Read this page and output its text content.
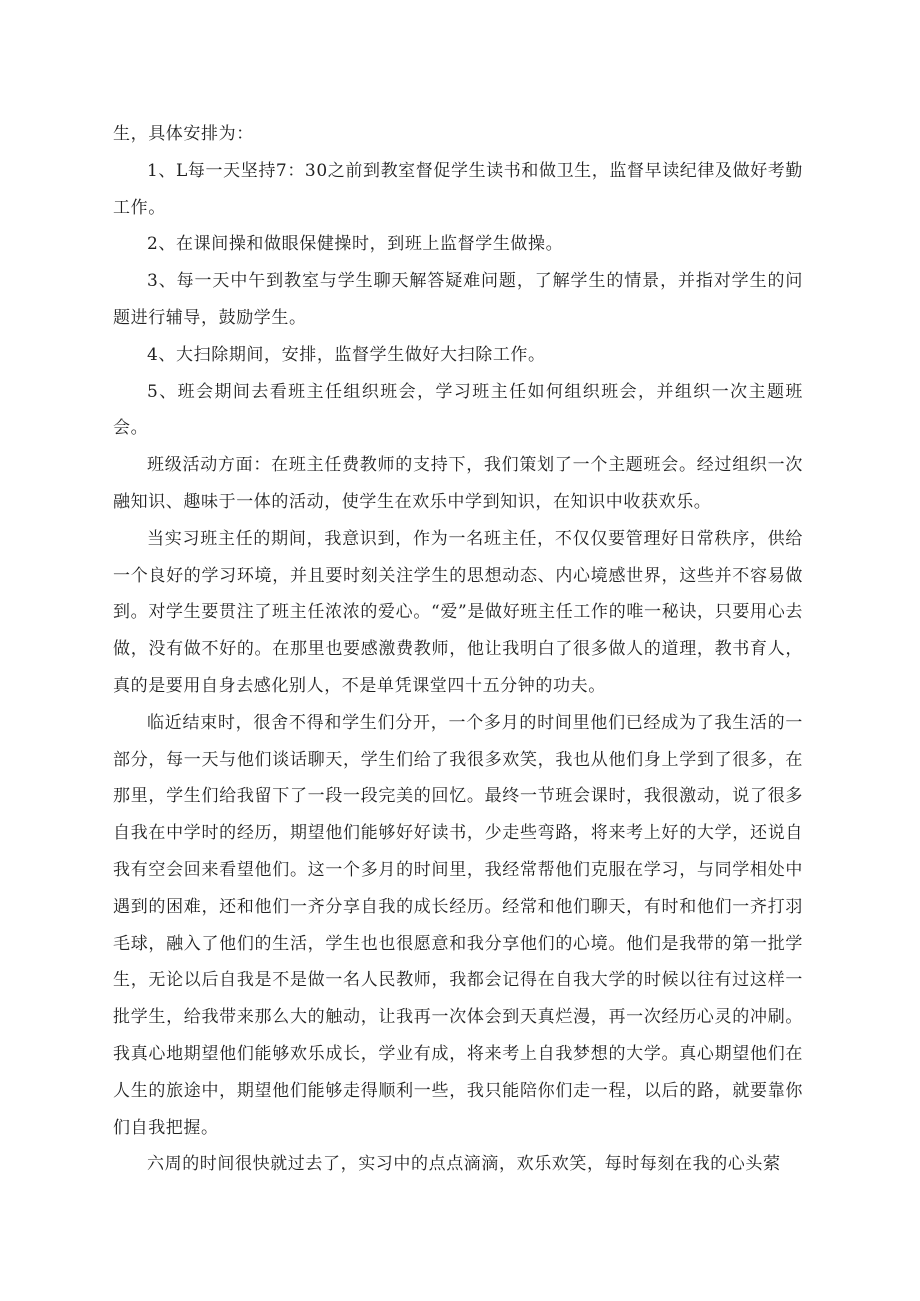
生，具体安排为：

1、L每一天坚持7：30之前到教室督促学生读书和做卫生，监督早读纪律及做好考勤工作。

2、在课间操和做眼保健操时，到班上监督学生做操。

3、每一天中午到教室与学生聊天解答疑难问题，了解学生的情景，并指对学生的问题进行辅导，鼓励学生。

4、大扫除期间，安排，监督学生做好大扫除工作。

5、班会期间去看班主任组织班会，学习班主任如何组织班会，并组织一次主题班会。

班级活动方面：在班主任费教师的支持下，我们策划了一个主题班会。经过组织一次融知识、趣味于一体的活动，使学生在欢乐中学到知识，在知识中收获欢乐。

当实习班主任的期间，我意识到，作为一名班主任，不仅仅要管理好日常秩序，供给一个良好的学习环境，并且要时刻关注学生的思想动态、内心境感世界，这些并不容易做到。对学生要贯注了班主任浓浓的爱心。“爱”是做好班主任工作的唯一秘诀，只要用心去做，没有做不好的。在那里也要感激费教师，他让我明白了很多做人的道理，教书育人，真的是要用自身去感化别人，不是单凭课堂四十五分钟的功夫。

临近结束时，很舍不得和学生们分开，一个多月的时间里他们已经成为了我生活的一部分，每一天与他们谈话聊天，学生们给了我很多欢笑，我也从他们身上学到了很多，在那里，学生们给我留下了一段一段完美的回忆。最终一节班会课时，我很激动，说了很多自我在中学时的经历，期望他们能够好好读书，少走些弯路，将来考上好的大学，还说自我有空会回来看望他们。这一个多月的时间里，我经常帮他们克服在学习，与同学相处中遇到的困难，还和他们一齐分享自我的成长经历。经常和他们聊天，有时和他们一齐打羽毛球，融入了他们的生活，学生也也很愿意和我分享他们的心境。他们是我带的第一批学生，无论以后自我是不是做一名人民教师，我都会记得在自我大学的时候以往有过这样一批学生，给我带来那么大的触动，让我再一次体会到天真烂漫，再一次经历心灵的冲刷。我真心地期望他们能够欢乐成长，学业有成，将来考上自我梦想的大学。真心期望他们在人生的旅途中，期望他们能够走得顺利一些，我只能陪你们走一程，以后的路，就要靠你们自我把握。

六周的时间很快就过去了，实习中的点点滴滴，欢乐欢笑，每时每刻在我的心头萦
